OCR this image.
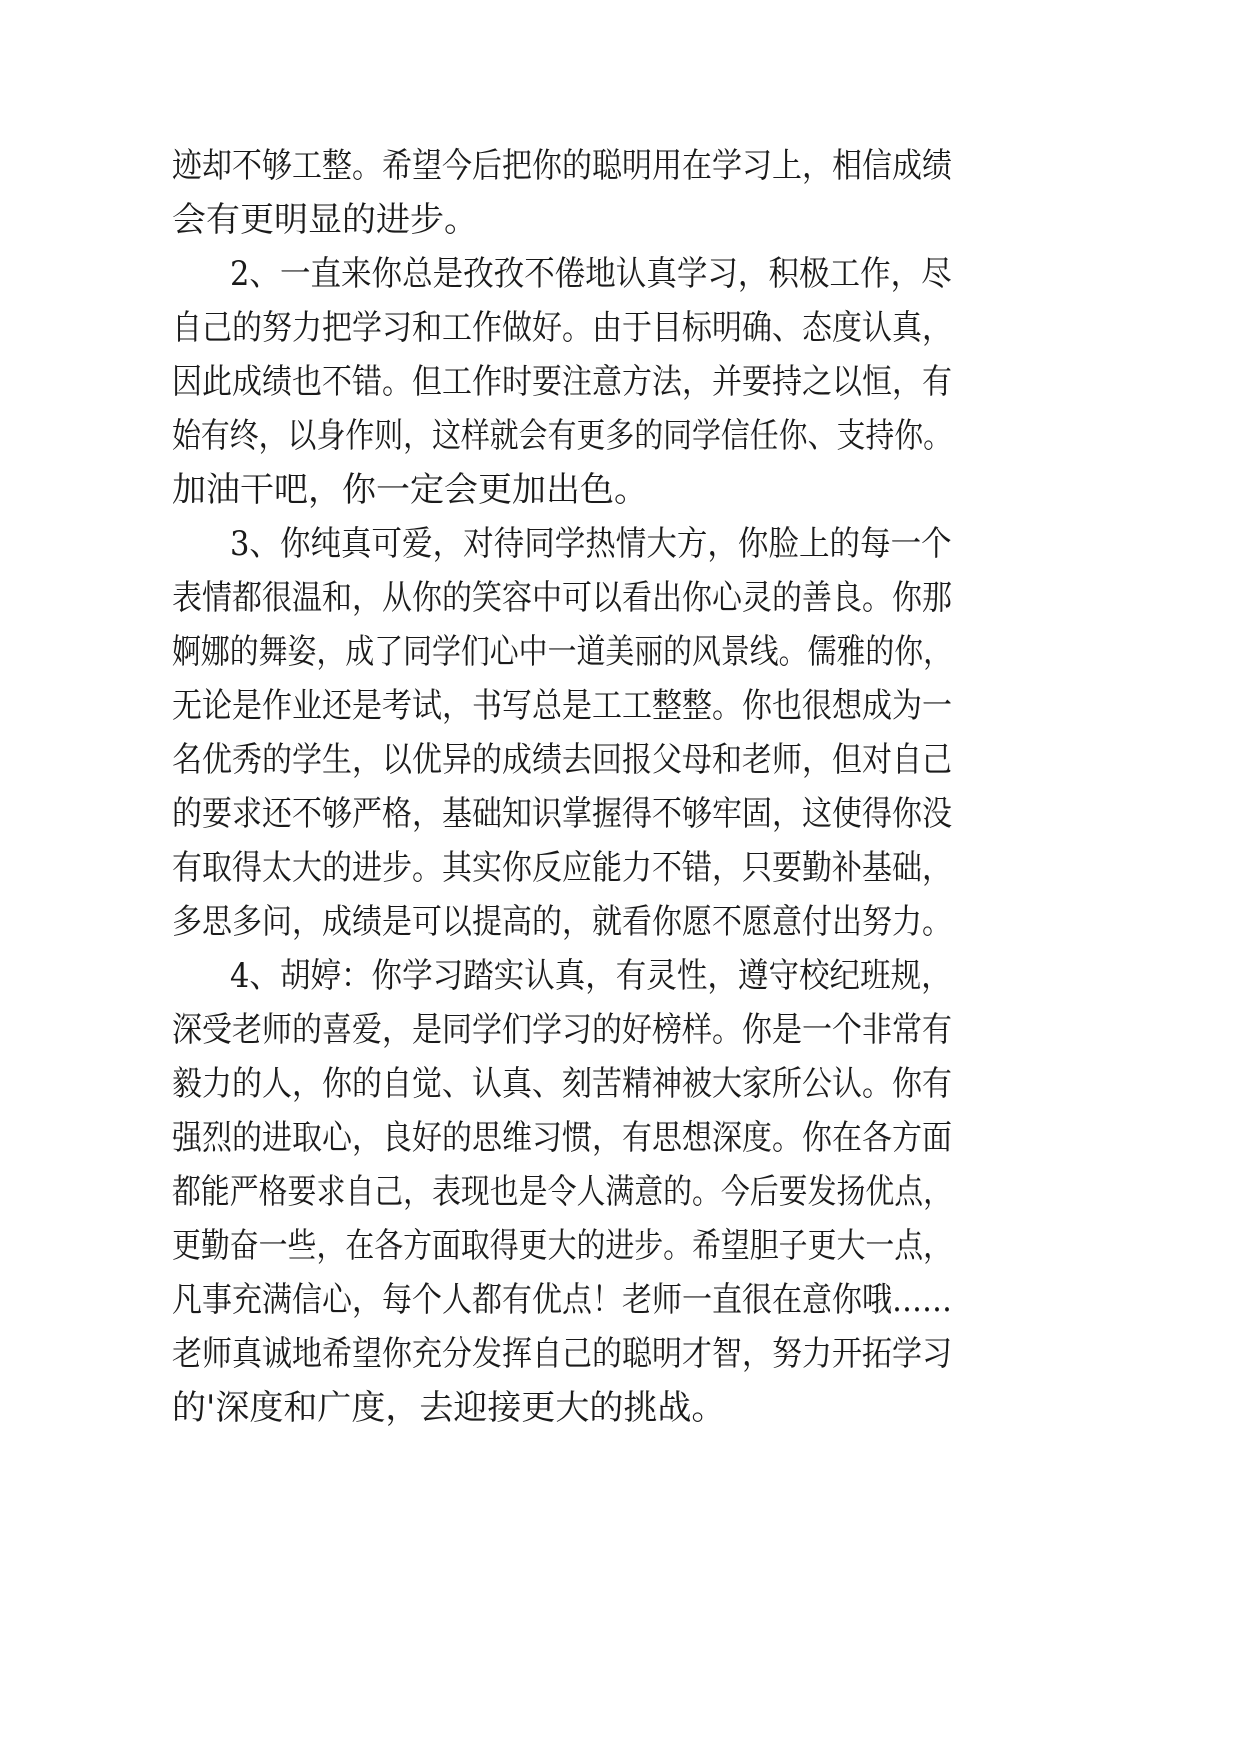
迹却不够工整。希望今后把你的聪明用在学习上，相信成绩

会有更明显的进步。

2、一直来你总是孜孜不倦地认真学习，积极工作，尽

自己的努力把学习和工作做好。由于目标明确、态度认真，

因此成绩也不错。但工作时要注意方法，并要持之以恒，有

始有终，以身作则，这样就会有更多的同学信任你、支持你。

加油干吧，你一定会更加出色。

3、你纯真可爱，对待同学热情大方，你脸上的每一个

表情都很温和，从你的笑容中可以看出你心灵的善良。你那

婀娜的舞姿，成了同学们心中一道美丽的风景线。儒雅的你，

无论是作业还是考试，书写总是工工整整。你也很想成为一

名优秀的学生，以优异的成绩去回报父母和老师，但对自己

的要求还不够严格，基础知识掌握得不够牢固，这使得你没

有取得太大的进步。其实你反应能力不错，只要勤补基础，

多思多问，成绩是可以提高的，就看你愿不愿意付出努力。

4、胡婷：你学习踏实认真，有灵性，遵守校纪班规，

深受老师的喜爱，是同学们学习的好榜样。你是一个非常有

毅力的人，你的自觉、认真、刻苦精神被大家所公认。你有

强烈的进取心，良好的思维习惯，有思想深度。你在各方面

都能严格要求自己，表现也是令人满意的。今后要发扬优点，

更勤奋一些，在各方面取得更大的进步。希望胆子更大一点，

凡事充满信心，每个人都有优点！老师一直很在意你哦……

老师真诚地希望你充分发挥自己的聪明才智，努力开拓学习

的'深度和广度，去迎接更大的挑战。
